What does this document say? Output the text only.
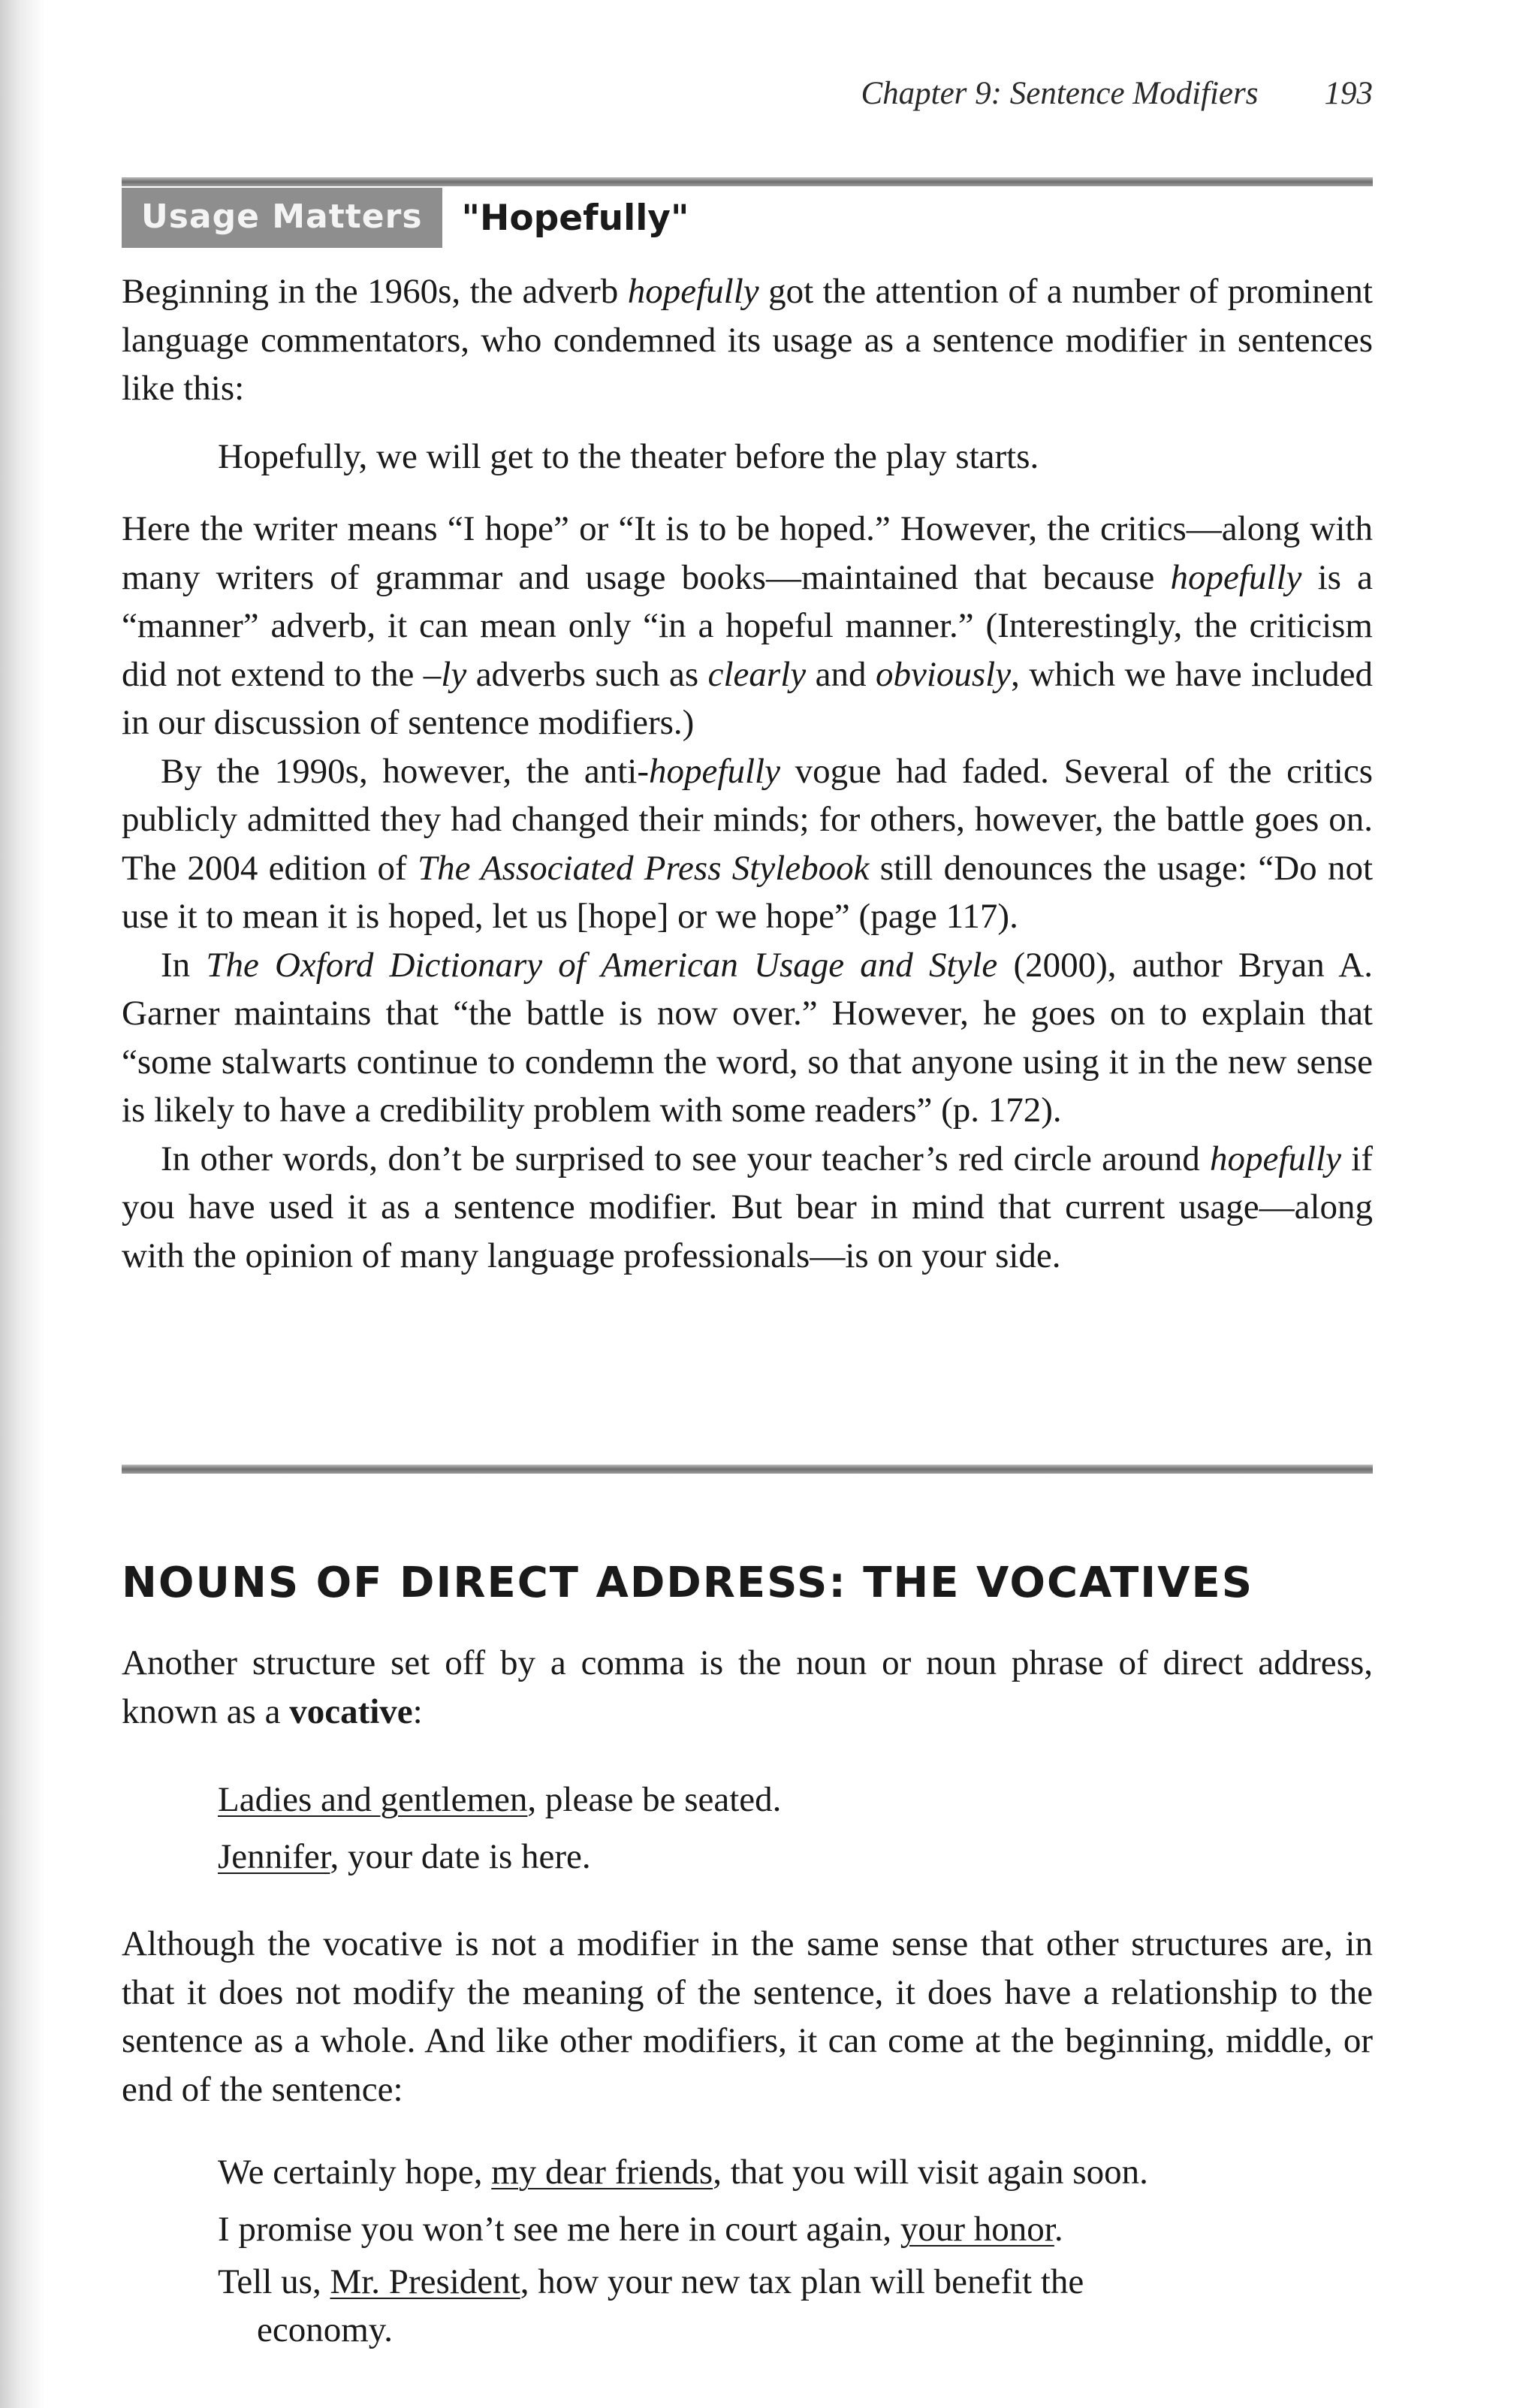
Chapter 9: Sentence Modifiers 193
Usage Matters	"Hopefully"

Beginning in the 1960s, the adverb hopefully got the attention of a number of prominent language commentators, who condemned its usage as a sentence modifier in sentences like this:

Hopefully, we will get to the theater before the play starts.

Here the writer means “I hope” or “It is to be hoped.” However, the critics—along with many writers of grammar and usage books—maintained that because hopefully is a “manner” adverb, it can mean only “in a hopeful manner.” (Interestingly, the criticism did not extend to the –ly adverbs such as clearly and obviously, which we have included in our discussion of sentence modifiers.)

By the 1990s, however, the anti-hopefully vogue had faded. Several of the critics publicly admitted they had changed their minds; for others, however, the battle goes on. The 2004 edition of The Associated Press Stylebook still denounces the usage: “Do not use it to mean it is hoped, let us [hope] or we hope” (page 117).

In The Oxford Dictionary of American Usage and Style (2000), author Bryan A. Garner maintains that “the battle is now over.” However, he goes on to explain that “some stalwarts continue to condemn the word, so that anyone using it in the new sense is likely to have a credibility problem with some readers” (p. 172).

In other words, don’t be surprised to see your teacher’s red circle around hopefully if you have used it as a sentence modifier. But bear in mind that current usage—along with the opinion of many language professionals—is on your side.

NOUNS OF DIRECT ADDRESS: THE VOCATIVES

Another structure set off by a comma is the noun or noun phrase of direct address, known as a vocative:

Ladies and gentlemen, please be seated.

Jennifer, your date is here.

Although the vocative is not a modifier in the same sense that other structures are, in that it does not modify the meaning of the sentence, it does have a relationship to the sentence as a whole. And like other modifiers, it can come at the beginning, middle, or end of the sentence:

We certainly hope, my dear friends, that you will visit again soon.

I promise you won’t see me here in court again, your honor.

Tell us, Mr. President, how your new tax plan will benefit the
economy.
